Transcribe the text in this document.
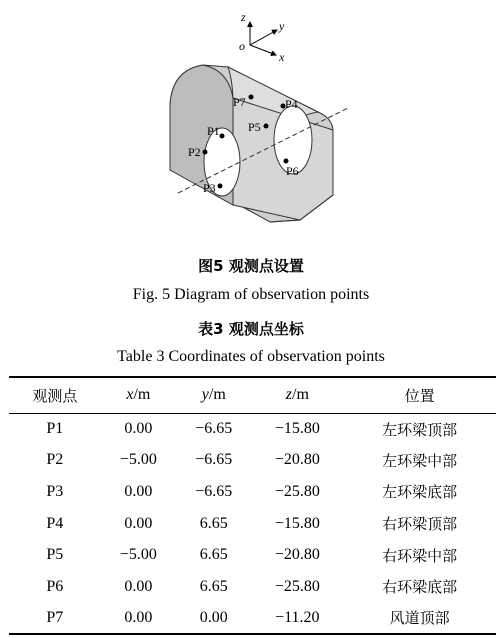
z
y
x
o
P1
P2
P3
P4
P5
P6
P7
图5 观测点设置
Fig. 5 Diagram of observation points
表3 观测点坐标
Table 3 Coordinates of observation points
观测点	x/m	y/m	z/m	位置
P1	0.00	−6.65	−15.80	左环梁顶部
P2	−5.00	−6.65	−20.80	左环梁中部
P3	0.00	−6.65	−25.80	左环梁底部
P4	0.00	6.65	−15.80	右环梁顶部
P5	−5.00	6.65	−20.80	右环梁中部
P6	0.00	6.65	−25.80	右环梁底部
P7	0.00	0.00	−11.20	风道顶部
